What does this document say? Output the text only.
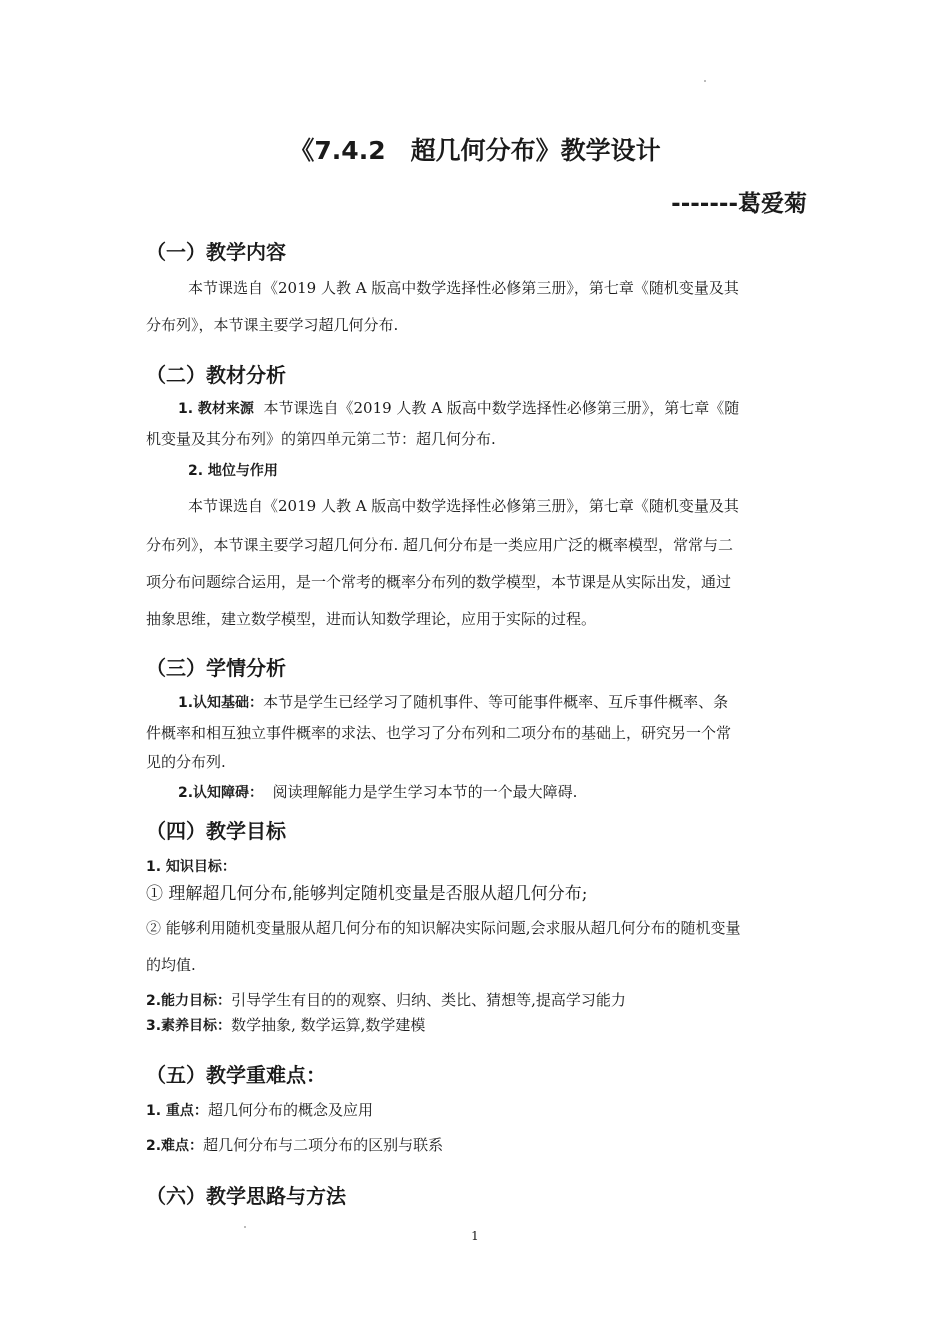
《7.4.2　超几何分布》教学设计
-------葛爱菊
（一）教学内容
本节课选自《2019 人教 A 版高中数学选择性必修第三册》，第七章《随机变量及其
分布列》，本节课主要学习超几何分布.
（二）教材分析
1. 教材来源 本节课选自《2019 人教 A 版高中数学选择性必修第三册》，第七章《随
机变量及其分布列》的第四单元第二节：超几何分布.
2. 地位与作用
本节课选自《2019 人教 A 版高中数学选择性必修第三册》，第七章《随机变量及其
分布列》，本节课主要学习超几何分布. 超几何分布是一类应用广泛的概率模型，常常与二
项分布问题综合运用，是一个常考的概率分布列的数学模型，本节课是从实际出发，通过
抽象思维，建立数学模型，进而认知数学理论，应用于实际的过程。
（三）学情分析
1.认知基础：本节是学生已经学习了随机事件、等可能事件概率、互斥事件概率、条
件概率和相互独立事件概率的求法、也学习了分布列和二项分布的基础上，研究另一个常
见的分布列.
2.认知障碍： 阅读理解能力是学生学习本节的一个最大障碍.
（四）教学目标
1. 知识目标：
① 理解超几何分布,能够判定随机变量是否服从超几何分布;
② 能够利用随机变量服从超几何分布的知识解决实际问题,会求服从超几何分布的随机变量
的均值.
2.能力目标：引导学生有目的的观察、归纳、类比、猜想等,提高学习能力
3.素养目标：数学抽象, 数学运算,数学建模
（五）教学重难点：
1. 重点：超几何分布的概念及应用
2.难点：超几何分布与二项分布的区别与联系
（六）教学思路与方法
1
